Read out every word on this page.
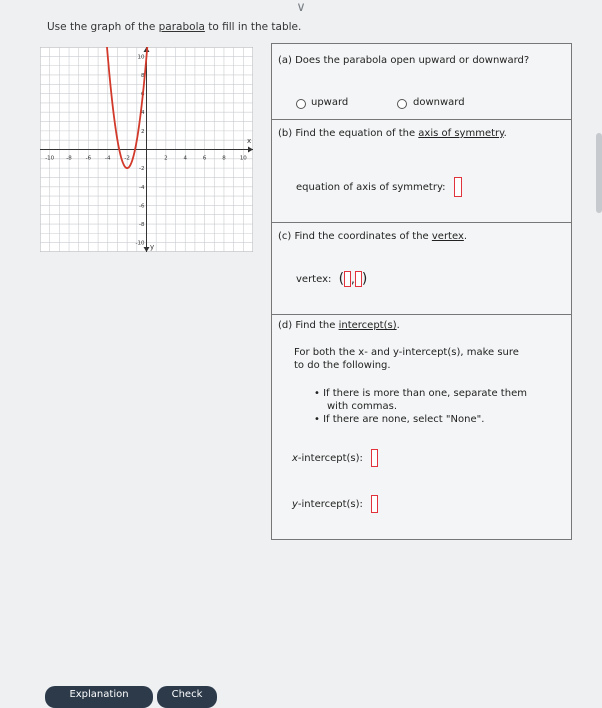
∨
Use the graph of the parabola to fill in the table.
x
y
-10 -8	-6	-4	-2	2	4	6	8	10
10
8
6
4
2
-2
-4
-6
-8
-10
(a) Does the parabola open upward or downward?
upward	downward
(b) Find the equation of the axis of symmetry.
equation of axis of symmetry:
(c) Find the coordinates of the vertex.
vertex: ( , )
(d) Find the intercept(s).
For both the x- and y-intercept(s), make sure
to do the following.
• If there is more than one, separate them
with commas.
• If there are none, select "None".
x-intercept(s):
y-intercept(s):
Explanation	Check
